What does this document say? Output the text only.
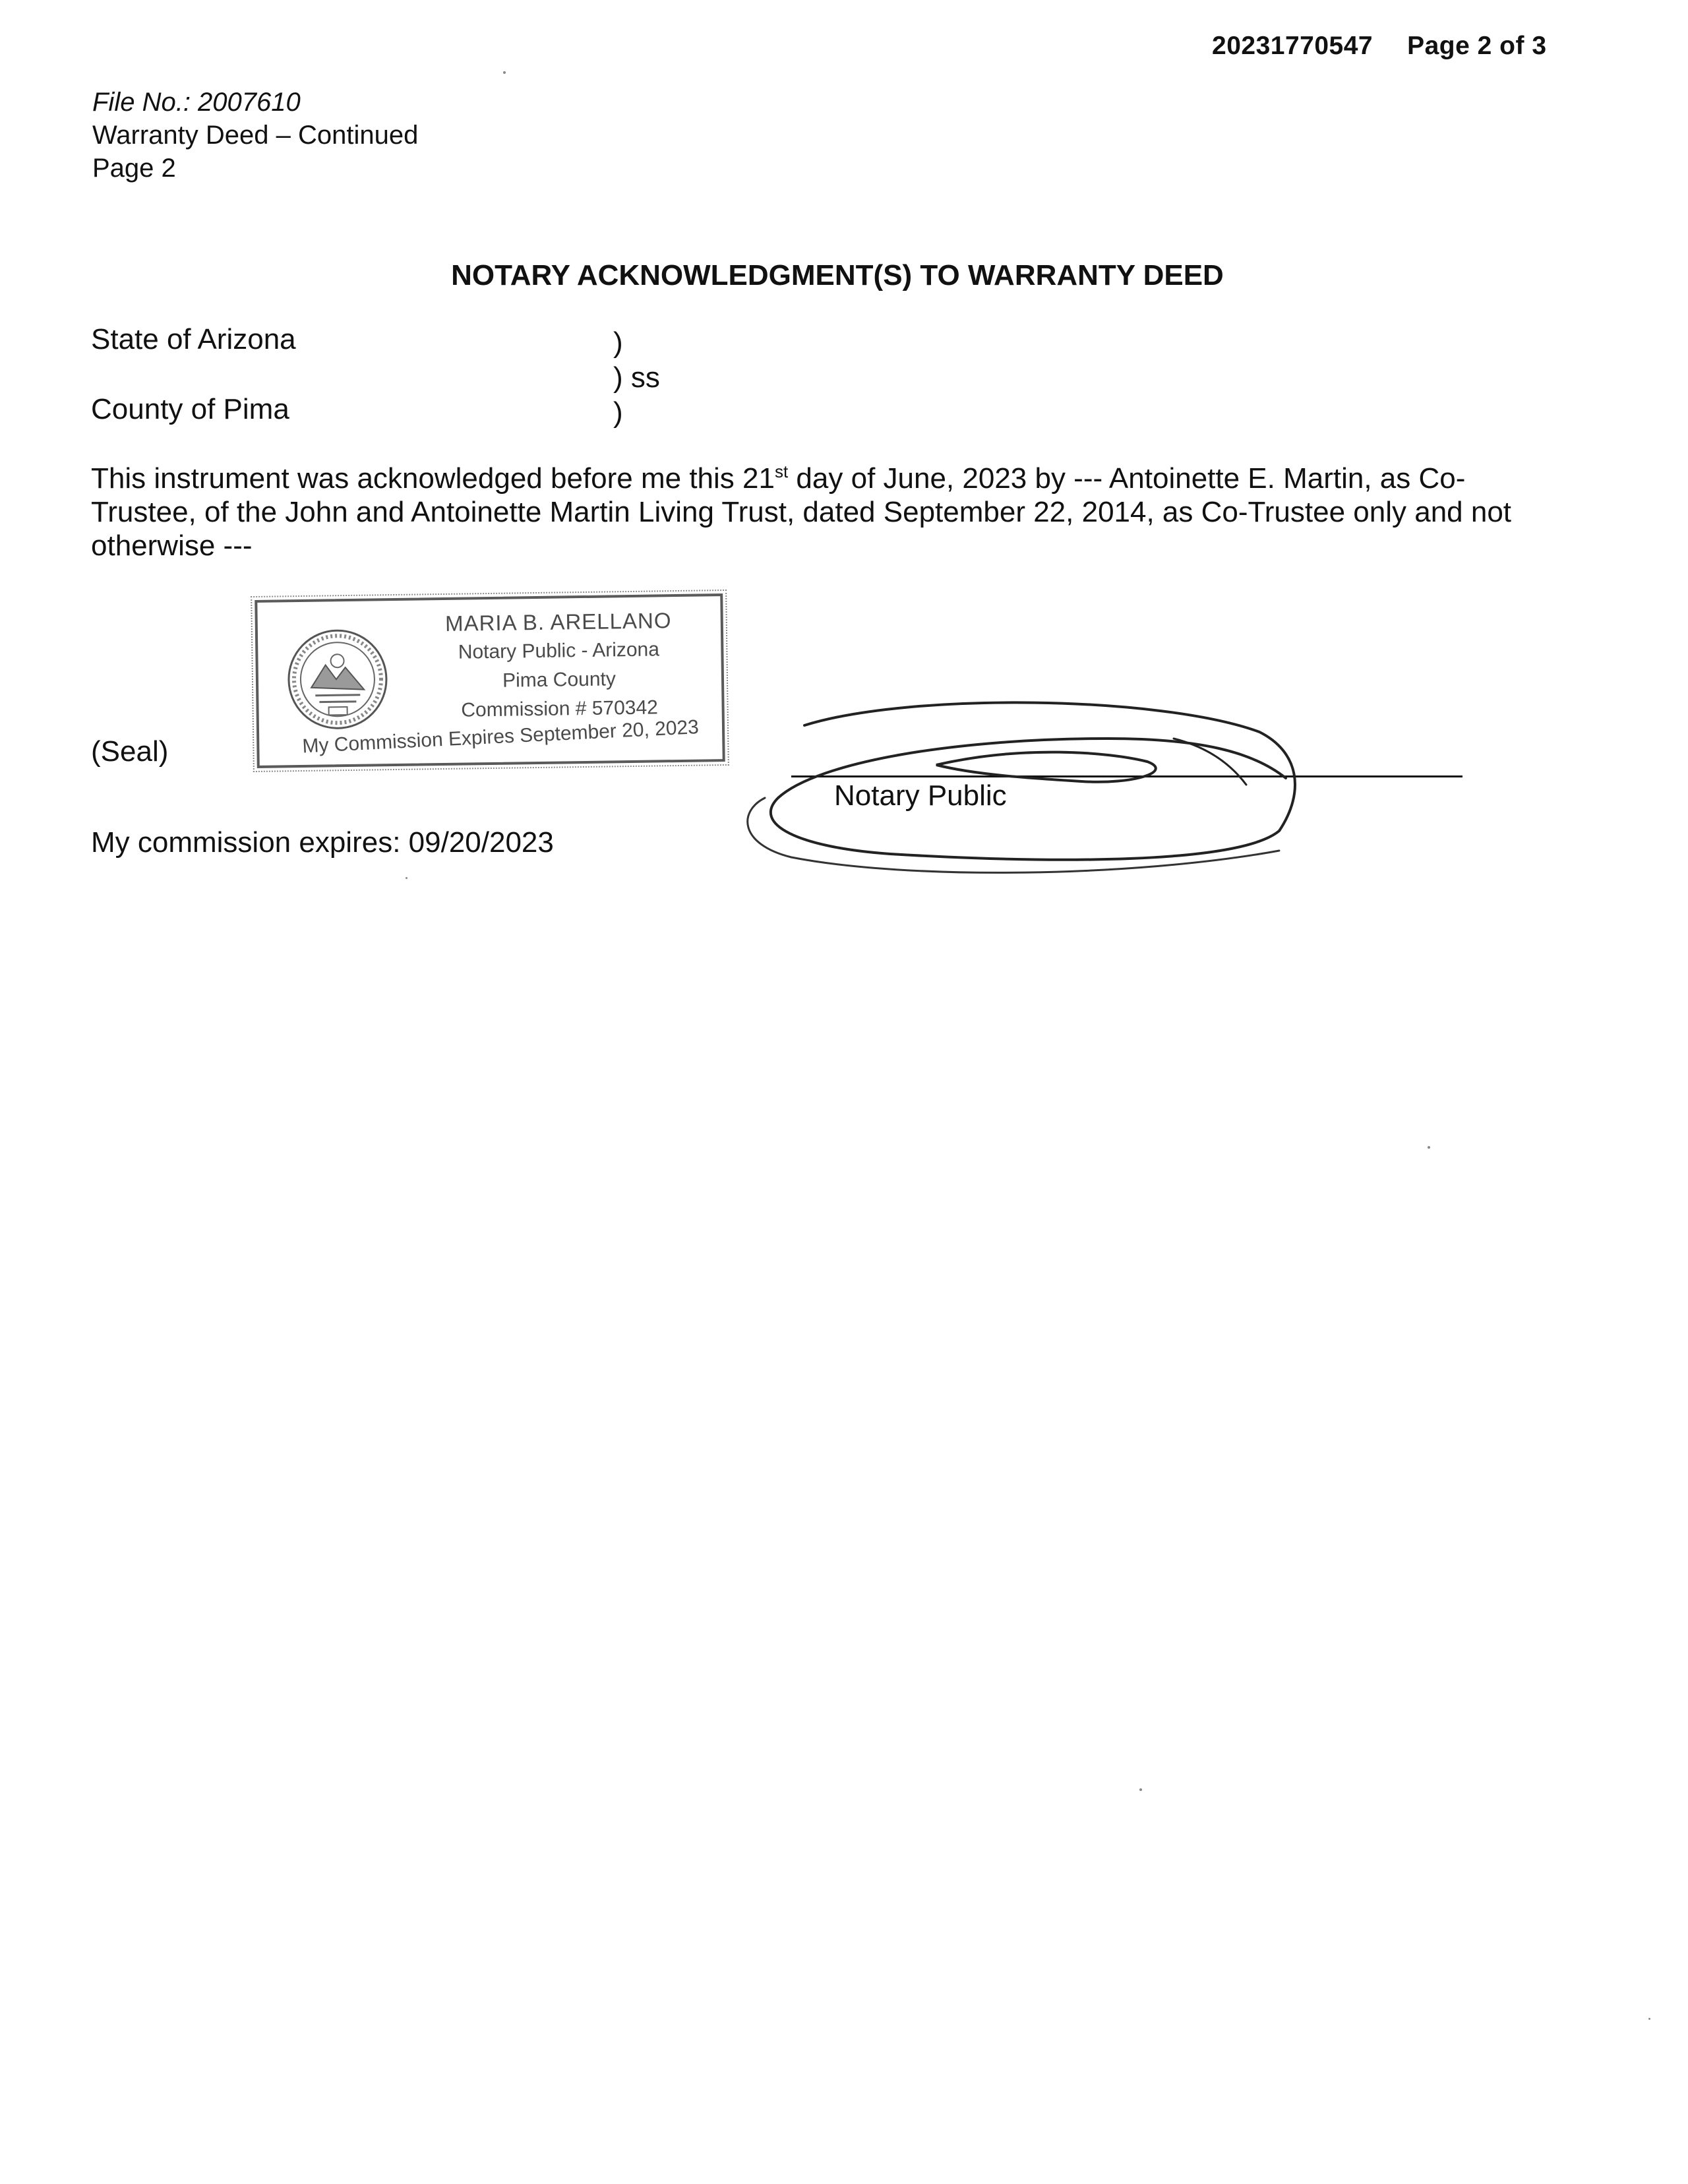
20231770547 Page 2 of 3
File No.: 2007610
Warranty Deed – Continued
Page 2
NOTARY ACKNOWLEDGMENT(S) TO WARRANTY DEED
State of Arizona
County of Pima
)
) ss
)
This instrument was acknowledged before me this 21st day of June, 2023 by --- Antoinette E. Martin, as Co-Trustee, of the John and Antoinette Martin Living Trust, dated September 22, 2014, as Co-Trustee only and not otherwise ---
MARIA B. ARELLANO
Notary Public - Arizona
Pima County
Commission # 570342
My Commission Expires September 20, 2023
(Seal)
Notary Public
My commission expires: 09/20/2023
